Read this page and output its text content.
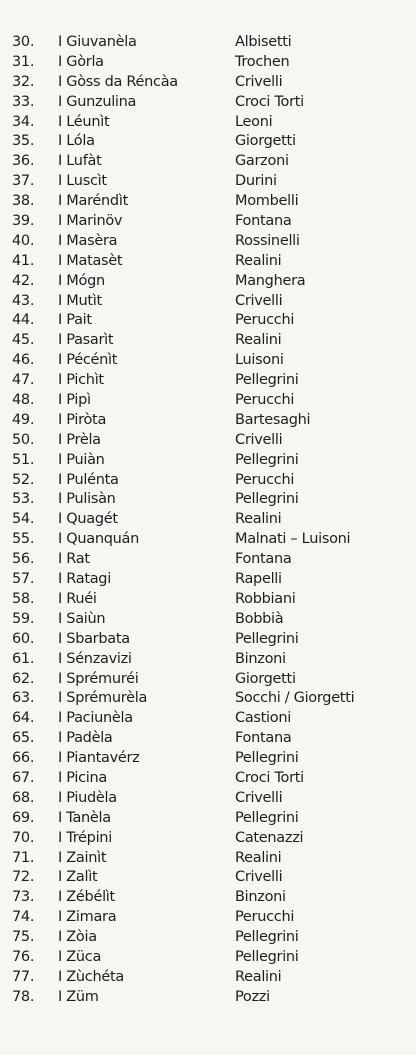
30.	I Giuvanèla	Albisetti
31.	I Gòrla	Trochen
32.	I Gòss da Réncàa	Crivelli
33.	I Gunzulina	Croci Torti
34.	I Léunìt	Leoni
35.	I Lóla	Giorgetti
36.	I Lufàt	Garzoni
37.	I Luscìt	Durini
38.	I Maréndìt	Mombelli
39.	I Marinöv	Fontana
40.	I Masèra	Rossinelli
41.	I Matasèt	Realini
42.	I Mógn	Manghera
43.	I Mutìt	Crivelli
44.	I Pait	Perucchi
45.	I Pasarìt	Realini
46.	I Pécénìt	Luisoni
47.	I Pichìt	Pellegrini
48.	I Pipì	Perucchi
49.	I Piròta	Bartesaghi
50.	I Prèla	Crivelli
51.	I Puiàn	Pellegrini
52.	I Pulénta	Perucchi
53.	I Pulisàn	Pellegrini
54.	I Quagét	Realini
55.	I Quanquán	Malnati – Luisoni
56.	I Rat	Fontana
57.	I Ratagi	Rapelli
58.	I Ruéi	Robbiani
59.	I Saiùn	Bobbià
60.	I Sbarbata	Pellegrini
61.	I Sénzavizi	Binzoni
62.	I Sprémuréi	Giorgetti
63.	I Sprémurèla	Socchi / Giorgetti
64.	I Paciunèla	Castioni
65.	I Padèla	Fontana
66.	I Piantavérz	Pellegrini
67.	I Picina	Croci Torti
68.	I Piudèla	Crivelli
69.	I Tanèla	Pellegrini
70.	I Trépini	Catenazzi
71.	I Zainìt	Realini
72.	I Zalìt	Crivelli
73.	I Zébélìt	Binzoni
74.	I Zimara	Perucchi
75.	I Zòia	Pellegrini
76.	I Züca	Pellegrini
77.	I Zùchéta	Realini
78.	I Züm	Pozzi
